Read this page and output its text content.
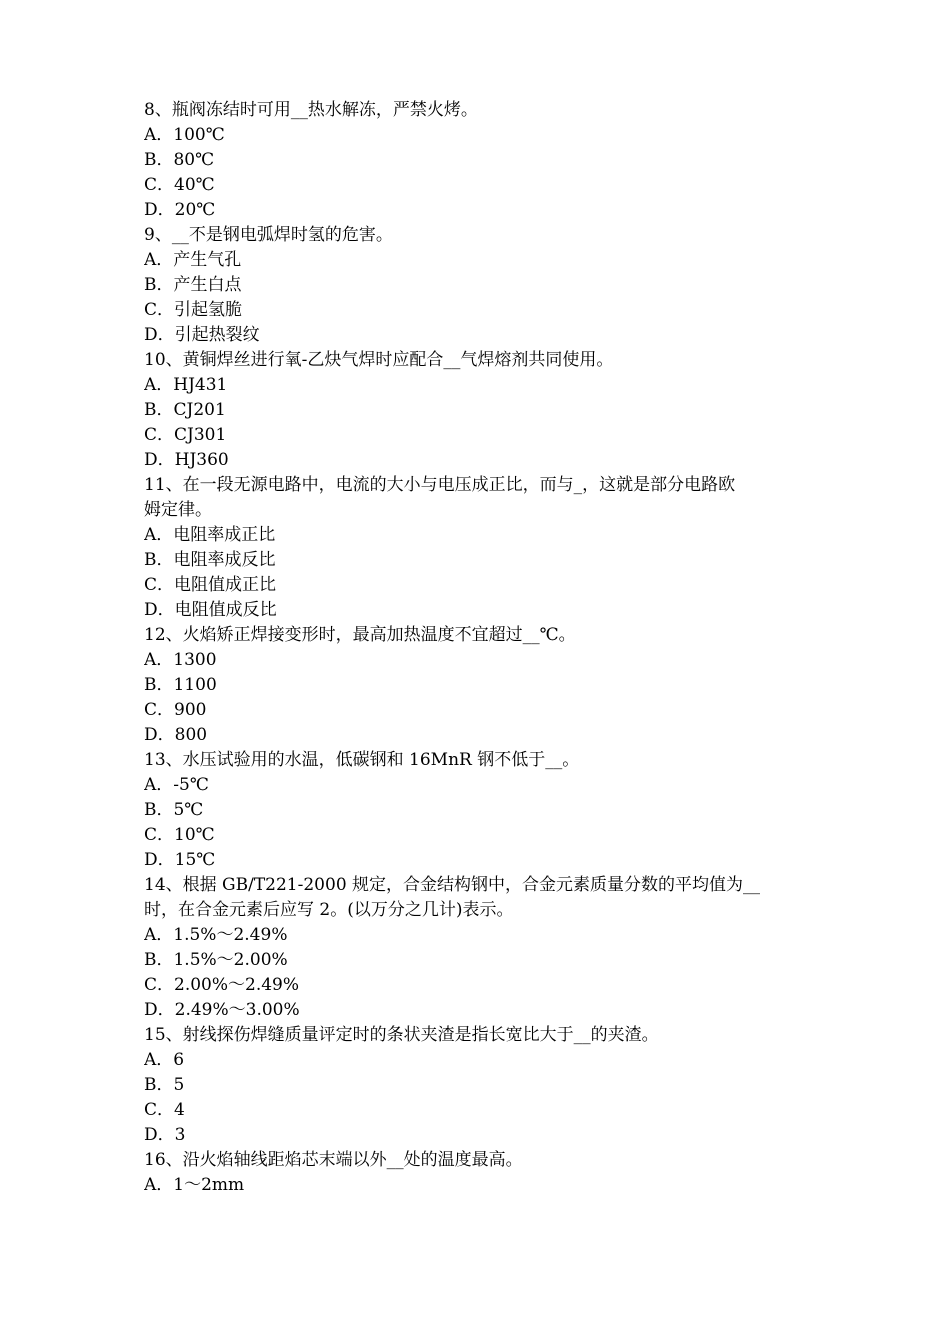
8、瓶阀冻结时可用__热水解冻，严禁火烤。
A．100℃
B．80℃
C．40℃
D．20℃
9、__不是钢电弧焊时氢的危害。
A．产生气孔
B．产生白点
C．引起氢脆
D．引起热裂纹
10、黄铜焊丝进行氧-乙炔气焊时应配合__气焊熔剂共同使用。
A．HJ431
B．CJ201
C．CJ301
D．HJ360
11、在一段无源电路中，电流的大小与电压成正比，而与_，这就是部分电路欧
姆定律。
A．电阻率成正比
B．电阻率成反比
C．电阻值成正比
D．电阻值成反比
12、火焰矫正焊接变形时，最高加热温度不宜超过__℃。
A．1300
B．1100
C．900
D．800
13、水压试验用的水温，低碳钢和 16MnR 钢不低于__。
A．-5℃
B．5℃
C．10℃
D．15℃
14、根据 GB/T221-2000 规定，合金结构钢中，合金元素质量分数的平均值为__
时，在合金元素后应写 2。(以万分之几计)表示。
A．1.5%～2.49%
B．1.5%～2.00%
C．2.00%～2.49%
D．2.49%～3.00%
15、射线探伤焊缝质量评定时的条状夹渣是指长宽比大于__的夹渣。
A．6
B．5
C．4
D．3
16、沿火焰轴线距焰芯末端以外__处的温度最高。
A．1～2mm
